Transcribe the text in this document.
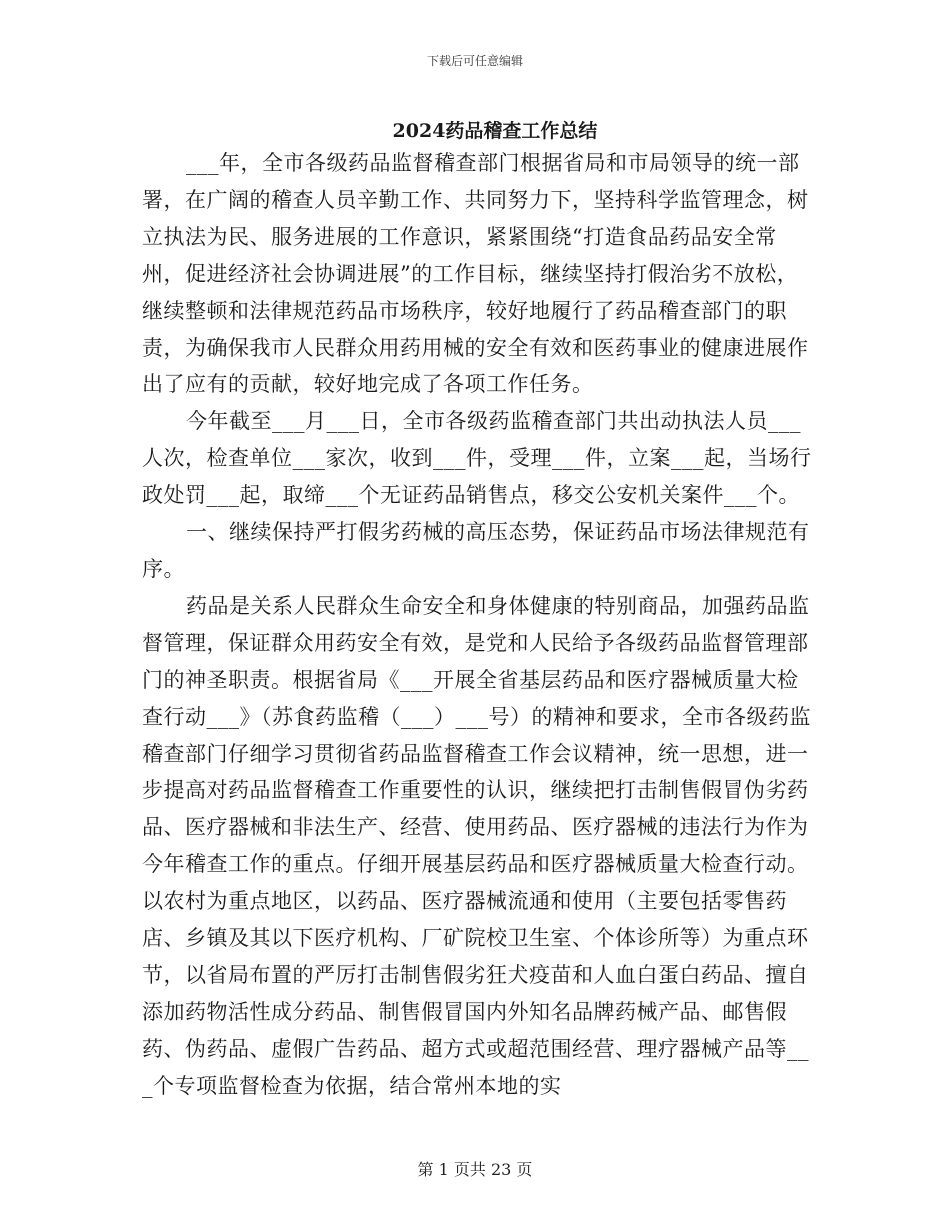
下载后可任意编辑
2024药品稽查工作总结

___年，全市各级药品监督稽查部门根据省局和市局领导的统一部署，在广阔的稽查人员辛勤工作、共同努力下，坚持科学监管理念，树立执法为民、服务进展的工作意识，紧紧围绕“打造食品药品安全常州，促进经济社会协调进展”的工作目标，继续坚持打假治劣不放松，继续整顿和法律规范药品市场秩序，较好地履行了药品稽查部门的职责，为确保我市人民群众用药用械的安全有效和医药事业的健康进展作出了应有的贡献，较好地完成了各项工作任务。

今年截至___月___日，全市各级药监稽查部门共出动执法人员___人次，检查单位___家次，收到___件，受理___件，立案___起，当场行政处罚___起，取缔___个无证药品销售点，移交公安机关案件___个。

一、继续保持严打假劣药械的高压态势，保证药品市场法律规范有序。

药品是关系人民群众生命安全和身体健康的特别商品，加强药品监督管理，保证群众用药安全有效，是党和人民给予各级药品监督管理部门的神圣职责。根据省局《___开展全省基层药品和医疗器械质量大检查行动___》（苏食药监稽（___）___号）的精神和要求，全市各级药监稽查部门仔细学习贯彻省药品监督稽查工作会议精神，统一思想，进一步提高对药品监督稽查工作重要性的认识，继续把打击制售假冒伪劣药品、医疗器械和非法生产、经营、使用药品、医疗器械的违法行为作为今年稽查工作的重点。仔细开展基层药品和医疗器械质量大检查行动。以农村为重点地区，以药品、医疗器械流通和使用（主要包括零售药店、乡镇及其以下医疗机构、厂矿院校卫生室、个体诊所等）为重点环节，以省局布置的严厉打击制售假劣狂犬疫苗和人血白蛋白药品、擅自添加药物活性成分药品、制售假冒国内外知名品牌药械产品、邮售假药、伪药品、虚假广告药品、超方式或超范围经营、理疗器械产品等___个专项监督检查为依据，结合常州本地的实

第 1 页共 23 页
